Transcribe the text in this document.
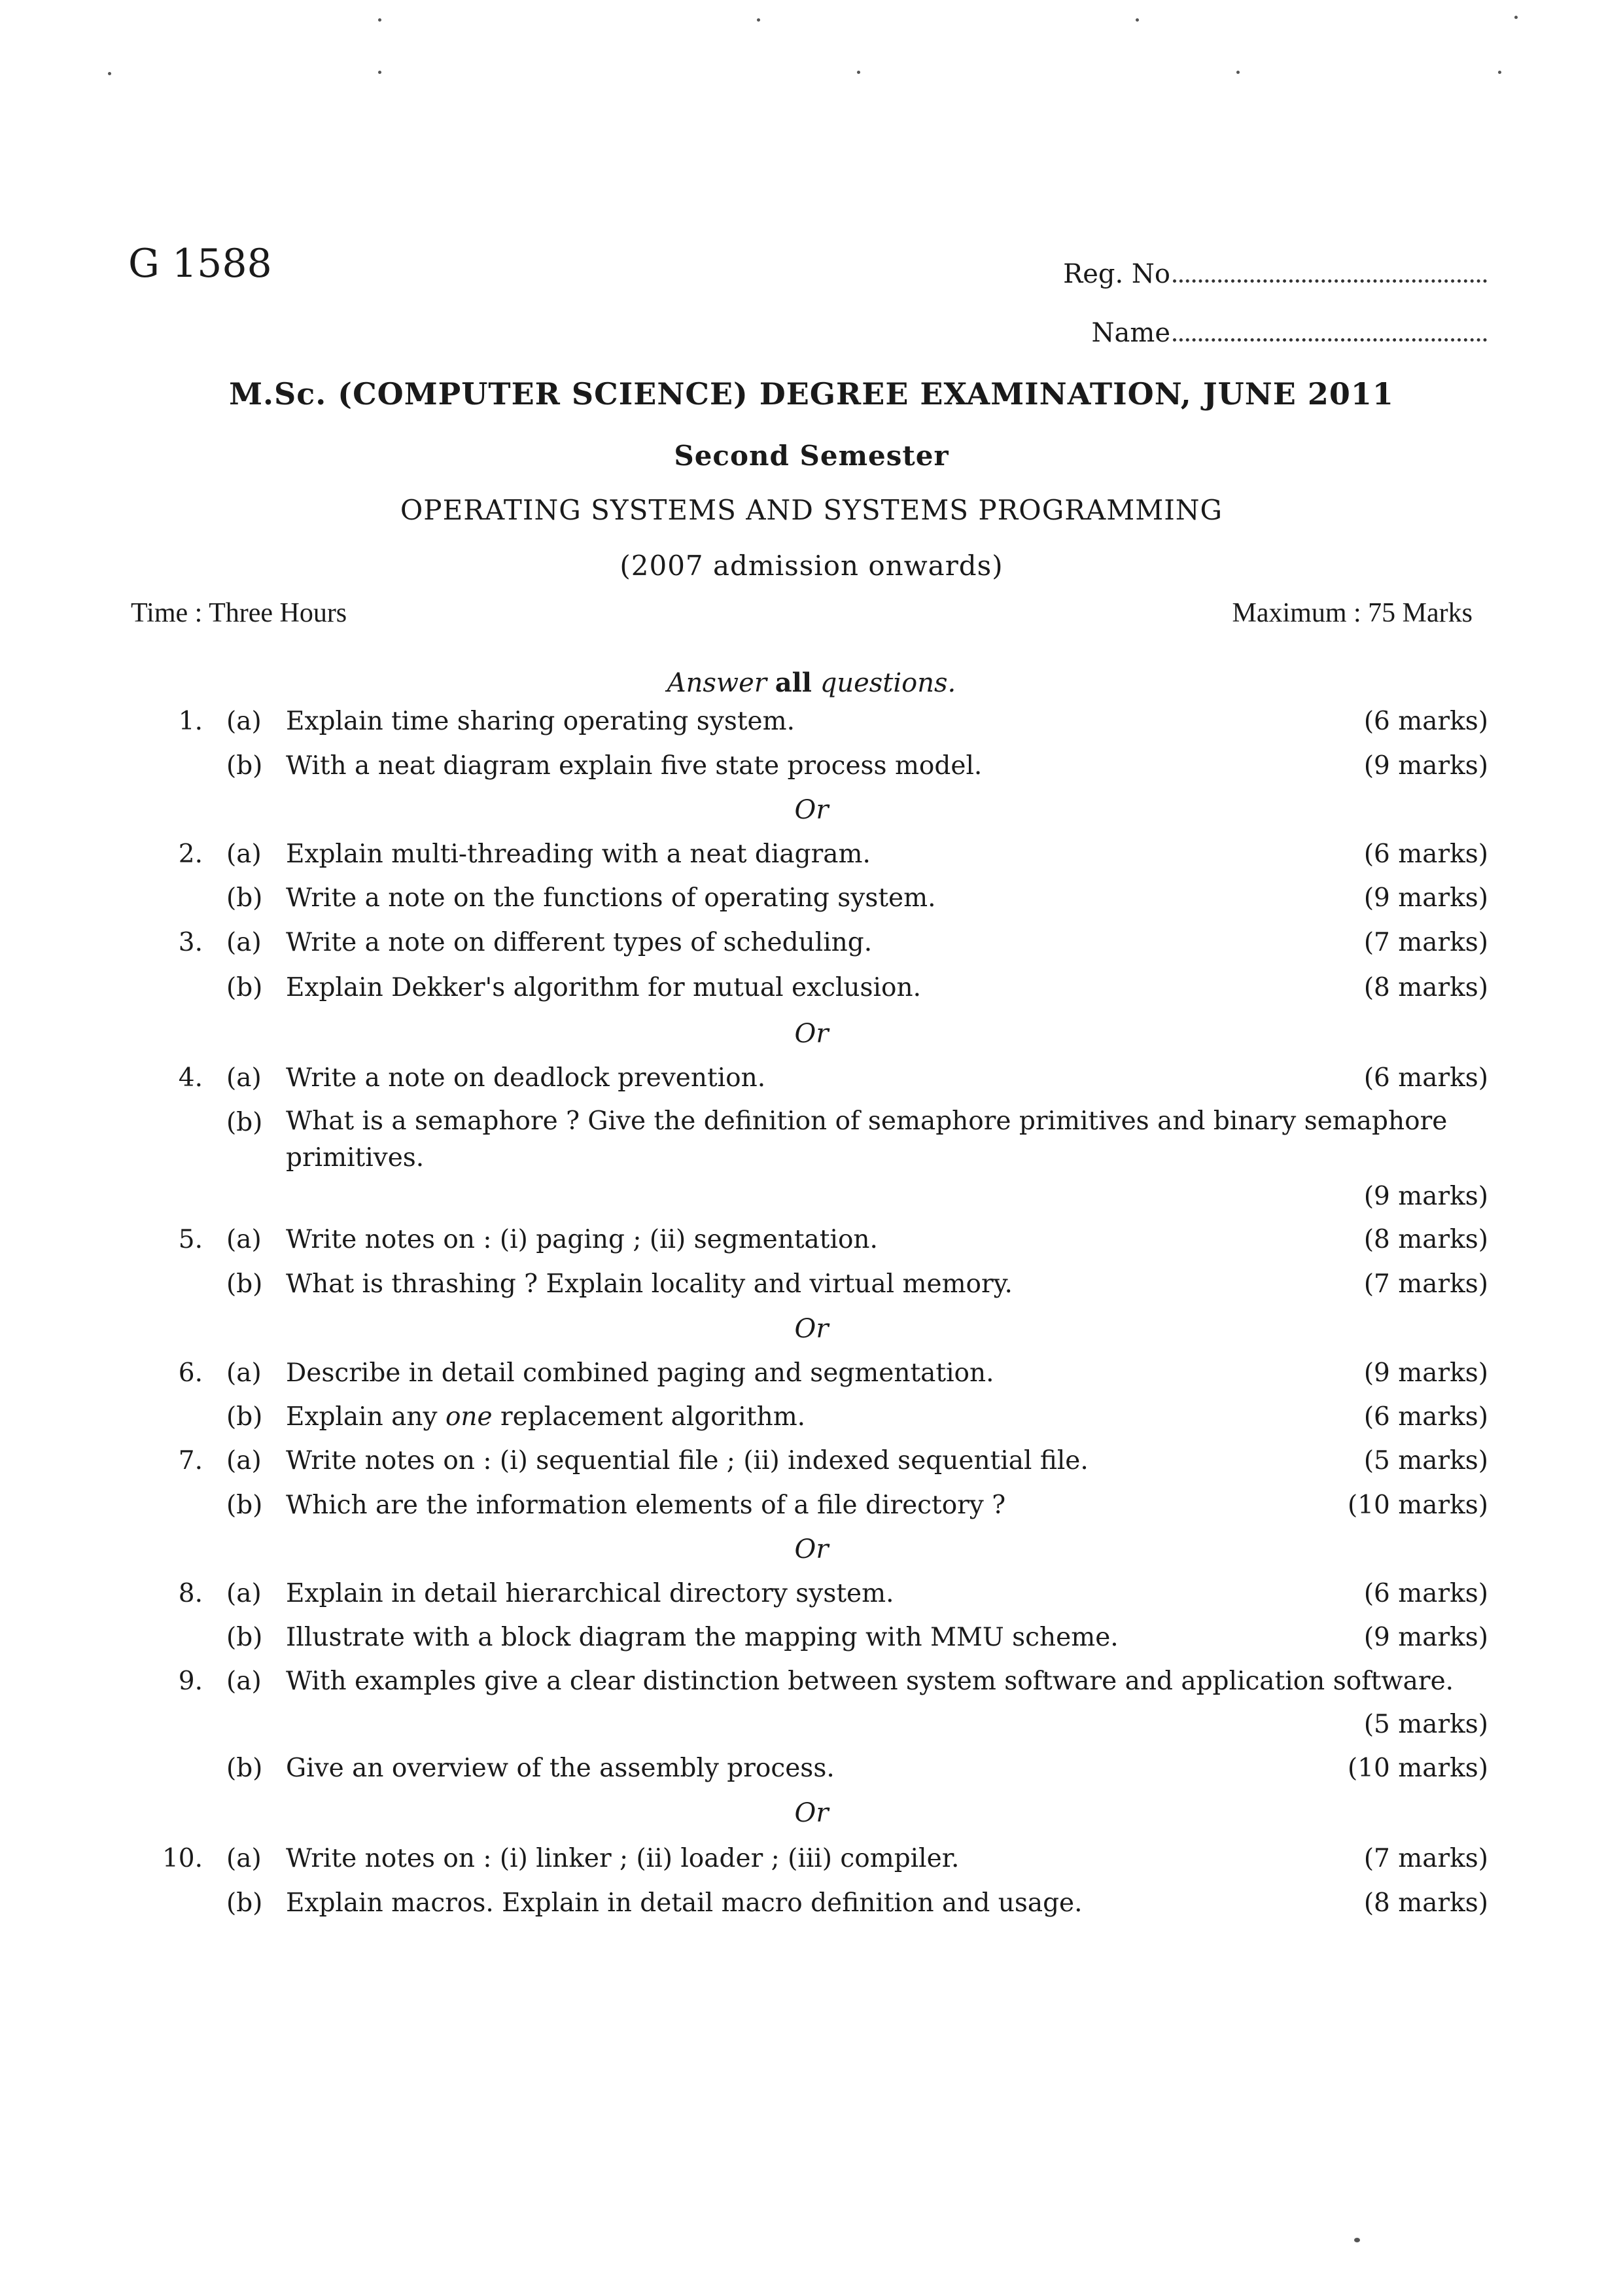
G 1588	Reg. No
Name
M.Sc. (COMPUTER SCIENCE) DEGREE EXAMINATION, JUNE 2011
Second Semester
OPERATING SYSTEMS AND SYSTEMS PROGRAMMING
(2007 admission onwards)
Time : Three Hours	Maximum : 75 Marks
Answer all questions.
1. (a) Explain time sharing operating system.	(6 marks)
(b) With a neat diagram explain five state process model.	(9 marks)
Or
2. (a) Explain multi-threading with a neat diagram.	(6 marks)
(b) Write a note on the functions of operating system.	(9 marks)
3. (a) Write a note on different types of scheduling.	(7 marks)
(b) Explain Dekker's algorithm for mutual exclusion.	(8 marks)
Or
4. (a) Write a note on deadlock prevention.	(6 marks)
(b) What is a semaphore ? Give the definition of semaphore primitives and binary semaphore primitives.
(9 marks)
5. (a) Write notes on : (i) paging ; (ii) segmentation.	(8 marks)
(b) What is thrashing ? Explain locality and virtual memory.	(7 marks)
Or
6. (a) Describe in detail combined paging and segmentation.	(9 marks)
(b) Explain any one replacement algorithm.	(6 marks)
7. (a) Write notes on : (i) sequential file ; (ii) indexed sequential file.	(5 marks)
(b) Which are the information elements of a file directory ?	(10 marks)
Or
8. (a) Explain in detail hierarchical directory system.	(6 marks)
(b) Illustrate with a block diagram the mapping with MMU scheme.	(9 marks)
9. (a) With examples give a clear distinction between system software and application software.
(5 marks)
(b) Give an overview of the assembly process.	(10 marks)
Or
10. (a) Write notes on : (i) linker ; (ii) loader ; (iii) compiler.	(7 marks)
(b) Explain macros. Explain in detail macro definition and usage.	(8 marks)
